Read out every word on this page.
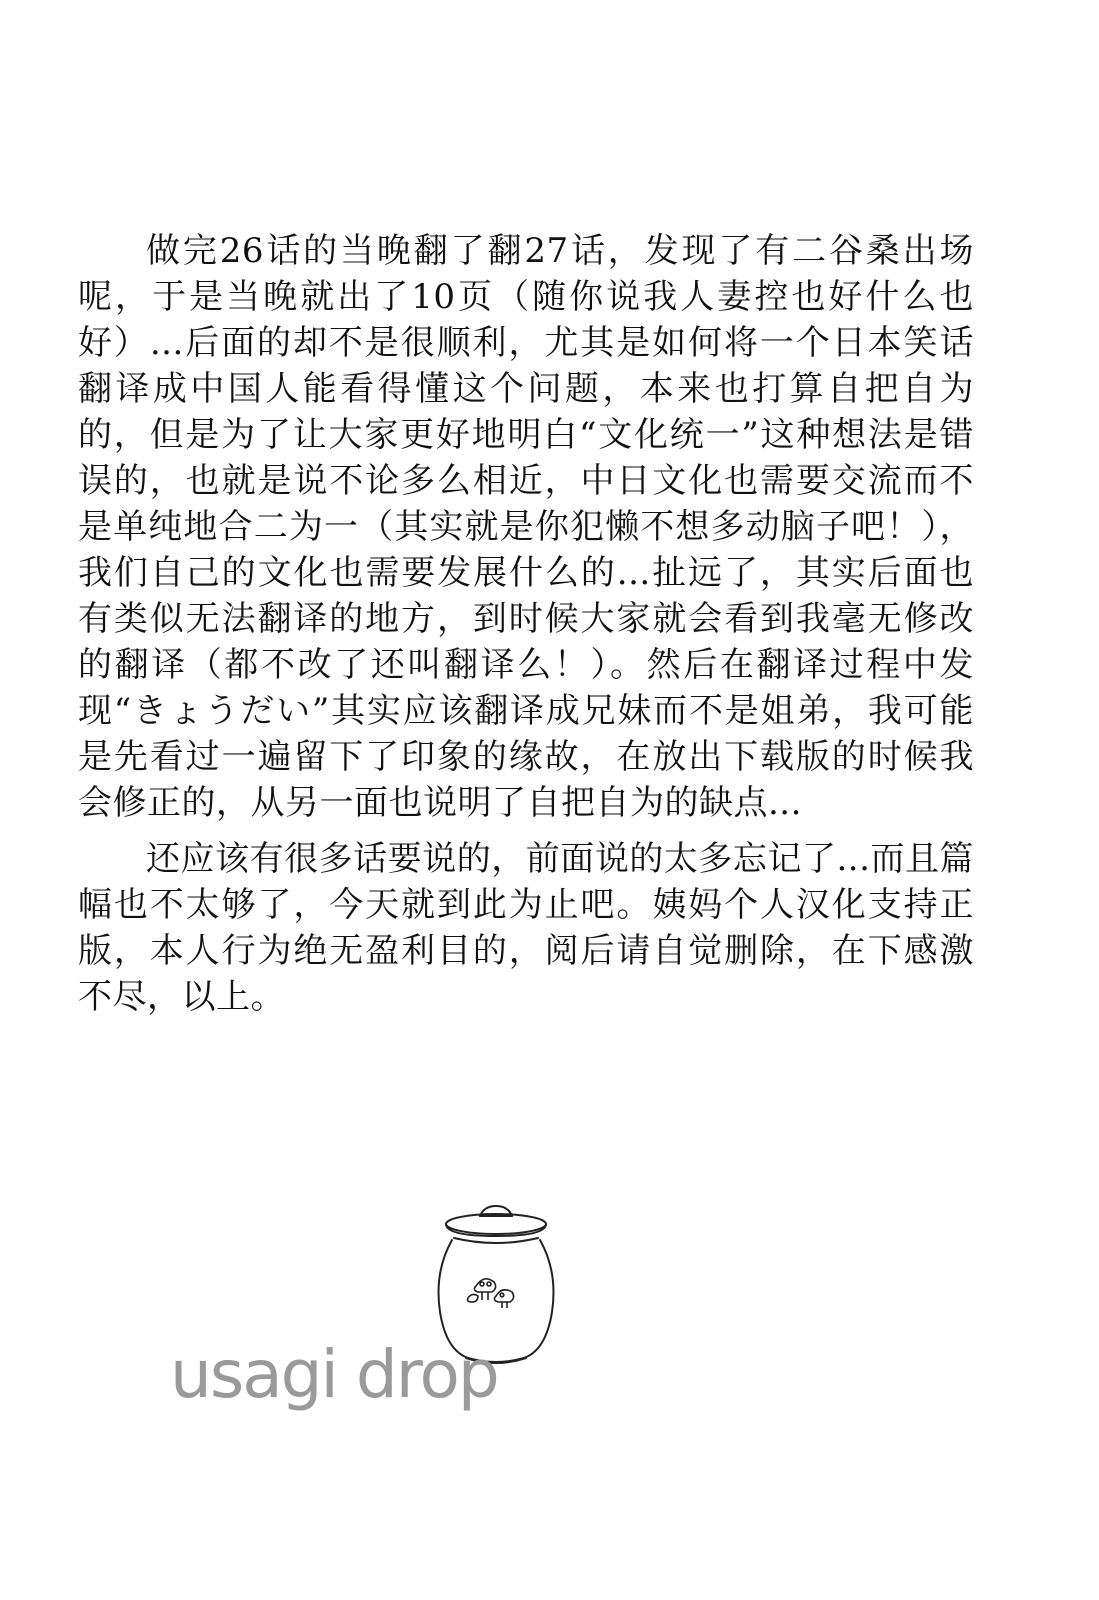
做完26话的当晚翻了翻27话，发现了有二谷桑出场呢，于是当晚就出了10页（随你说我人妻控也好什么也好）...后面的却不是很顺利，尤其是如何将一个日本笑话翻译成中国人能看得懂这个问题，本来也打算自把自为的，但是为了让大家更好地明白“文化统一”这种想法是错误的，也就是说不论多么相近，中日文化也需要交流而不是单纯地合二为一（其实就是你犯懒不想多动脑子吧！），我们自己的文化也需要发展什么的...扯远了，其实后面也有类似无法翻译的地方，到时候大家就会看到我毫无修改的翻译（都不改了还叫翻译么！）。然后在翻译过程中发现“きょうだい”其实应该翻译成兄妹而不是姐弟，我可能是先看过一遍留下了印象的缘故，在放出下载版的时候我会修正的，从另一面也说明了自把自为的缺点...

还应该有很多话要说的，前面说的太多忘记了...而且篇幅也不太够了，今天就到此为止吧。姨妈个人汉化支持正版，本人行为绝无盈利目的，阅后请自觉删除，在下感激不尽，以上。

usagi drop
